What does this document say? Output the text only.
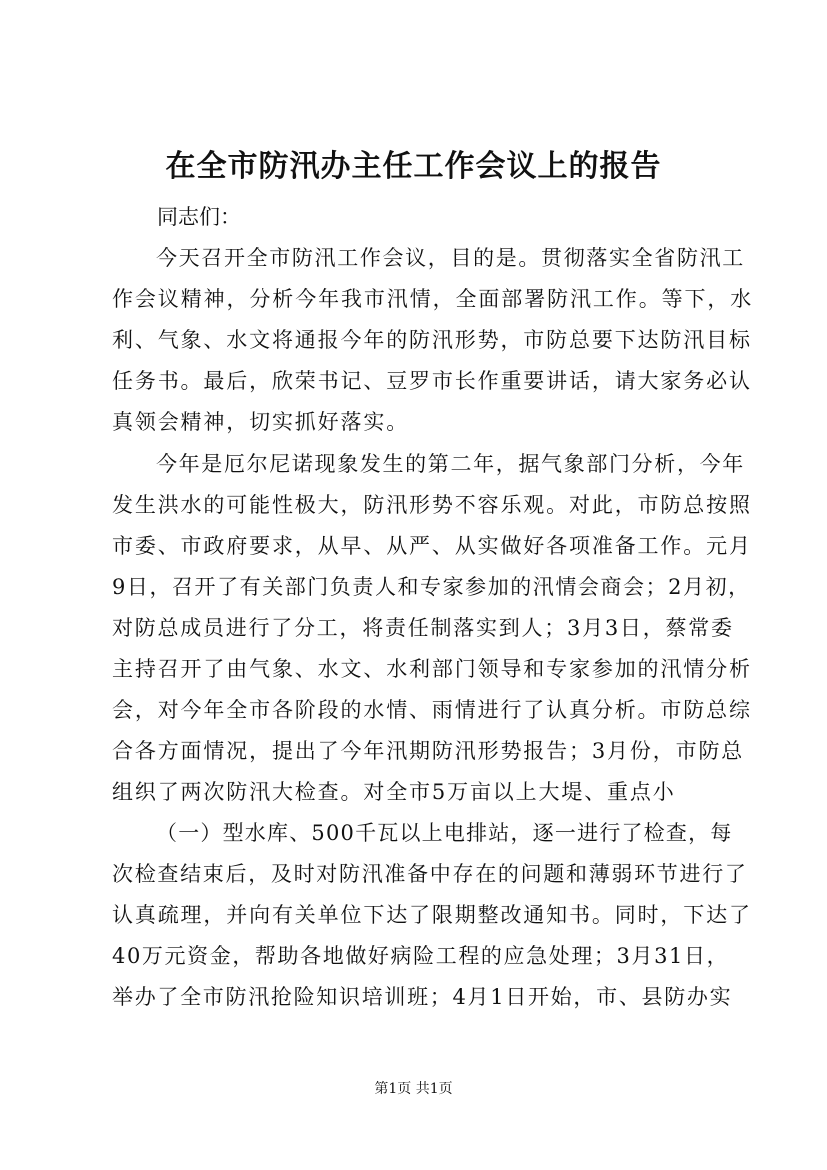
在全市防汛办主任工作会议上的报告
同志们：
今天召开全市防汛工作会议，目的是。贯彻落实全省防汛工
作会议精神，分析今年我市汛情，全面部署防汛工作。等下，水
利、气象、水文将通报今年的防汛形势，市防总要下达防汛目标
任务书。最后，欣荣书记、豆罗市长作重要讲话，请大家务必认
真领会精神，切实抓好落实。
今年是厄尔尼诺现象发生的第二年，据气象部门分析，今年
发生洪水的可能性极大，防汛形势不容乐观。对此，市防总按照
市委、市政府要求，从早、从严、从实做好各项准备工作。元月
9日，召开了有关部门负责人和专家参加的汛情会商会；2月初，
对防总成员进行了分工，将责任制落实到人；3月3日，蔡常委
主持召开了由气象、水文、水利部门领导和专家参加的汛情分析
会，对今年全市各阶段的水情、雨情进行了认真分析。市防总综
合各方面情况，提出了今年汛期防汛形势报告；3月份，市防总
组织了两次防汛大检查。对全市5万亩以上大堤、重点小
（一）型水库、500千瓦以上电排站，逐一进行了检查，每
次检查结束后，及时对防汛准备中存在的问题和薄弱环节进行了
认真疏理，并向有关单位下达了限期整改通知书。同时，下达了
40万元资金，帮助各地做好病险工程的应急处理；3月31日，
举办了全市防汛抢险知识培训班；4月1日开始，市、县防办实
第1页 共1页
